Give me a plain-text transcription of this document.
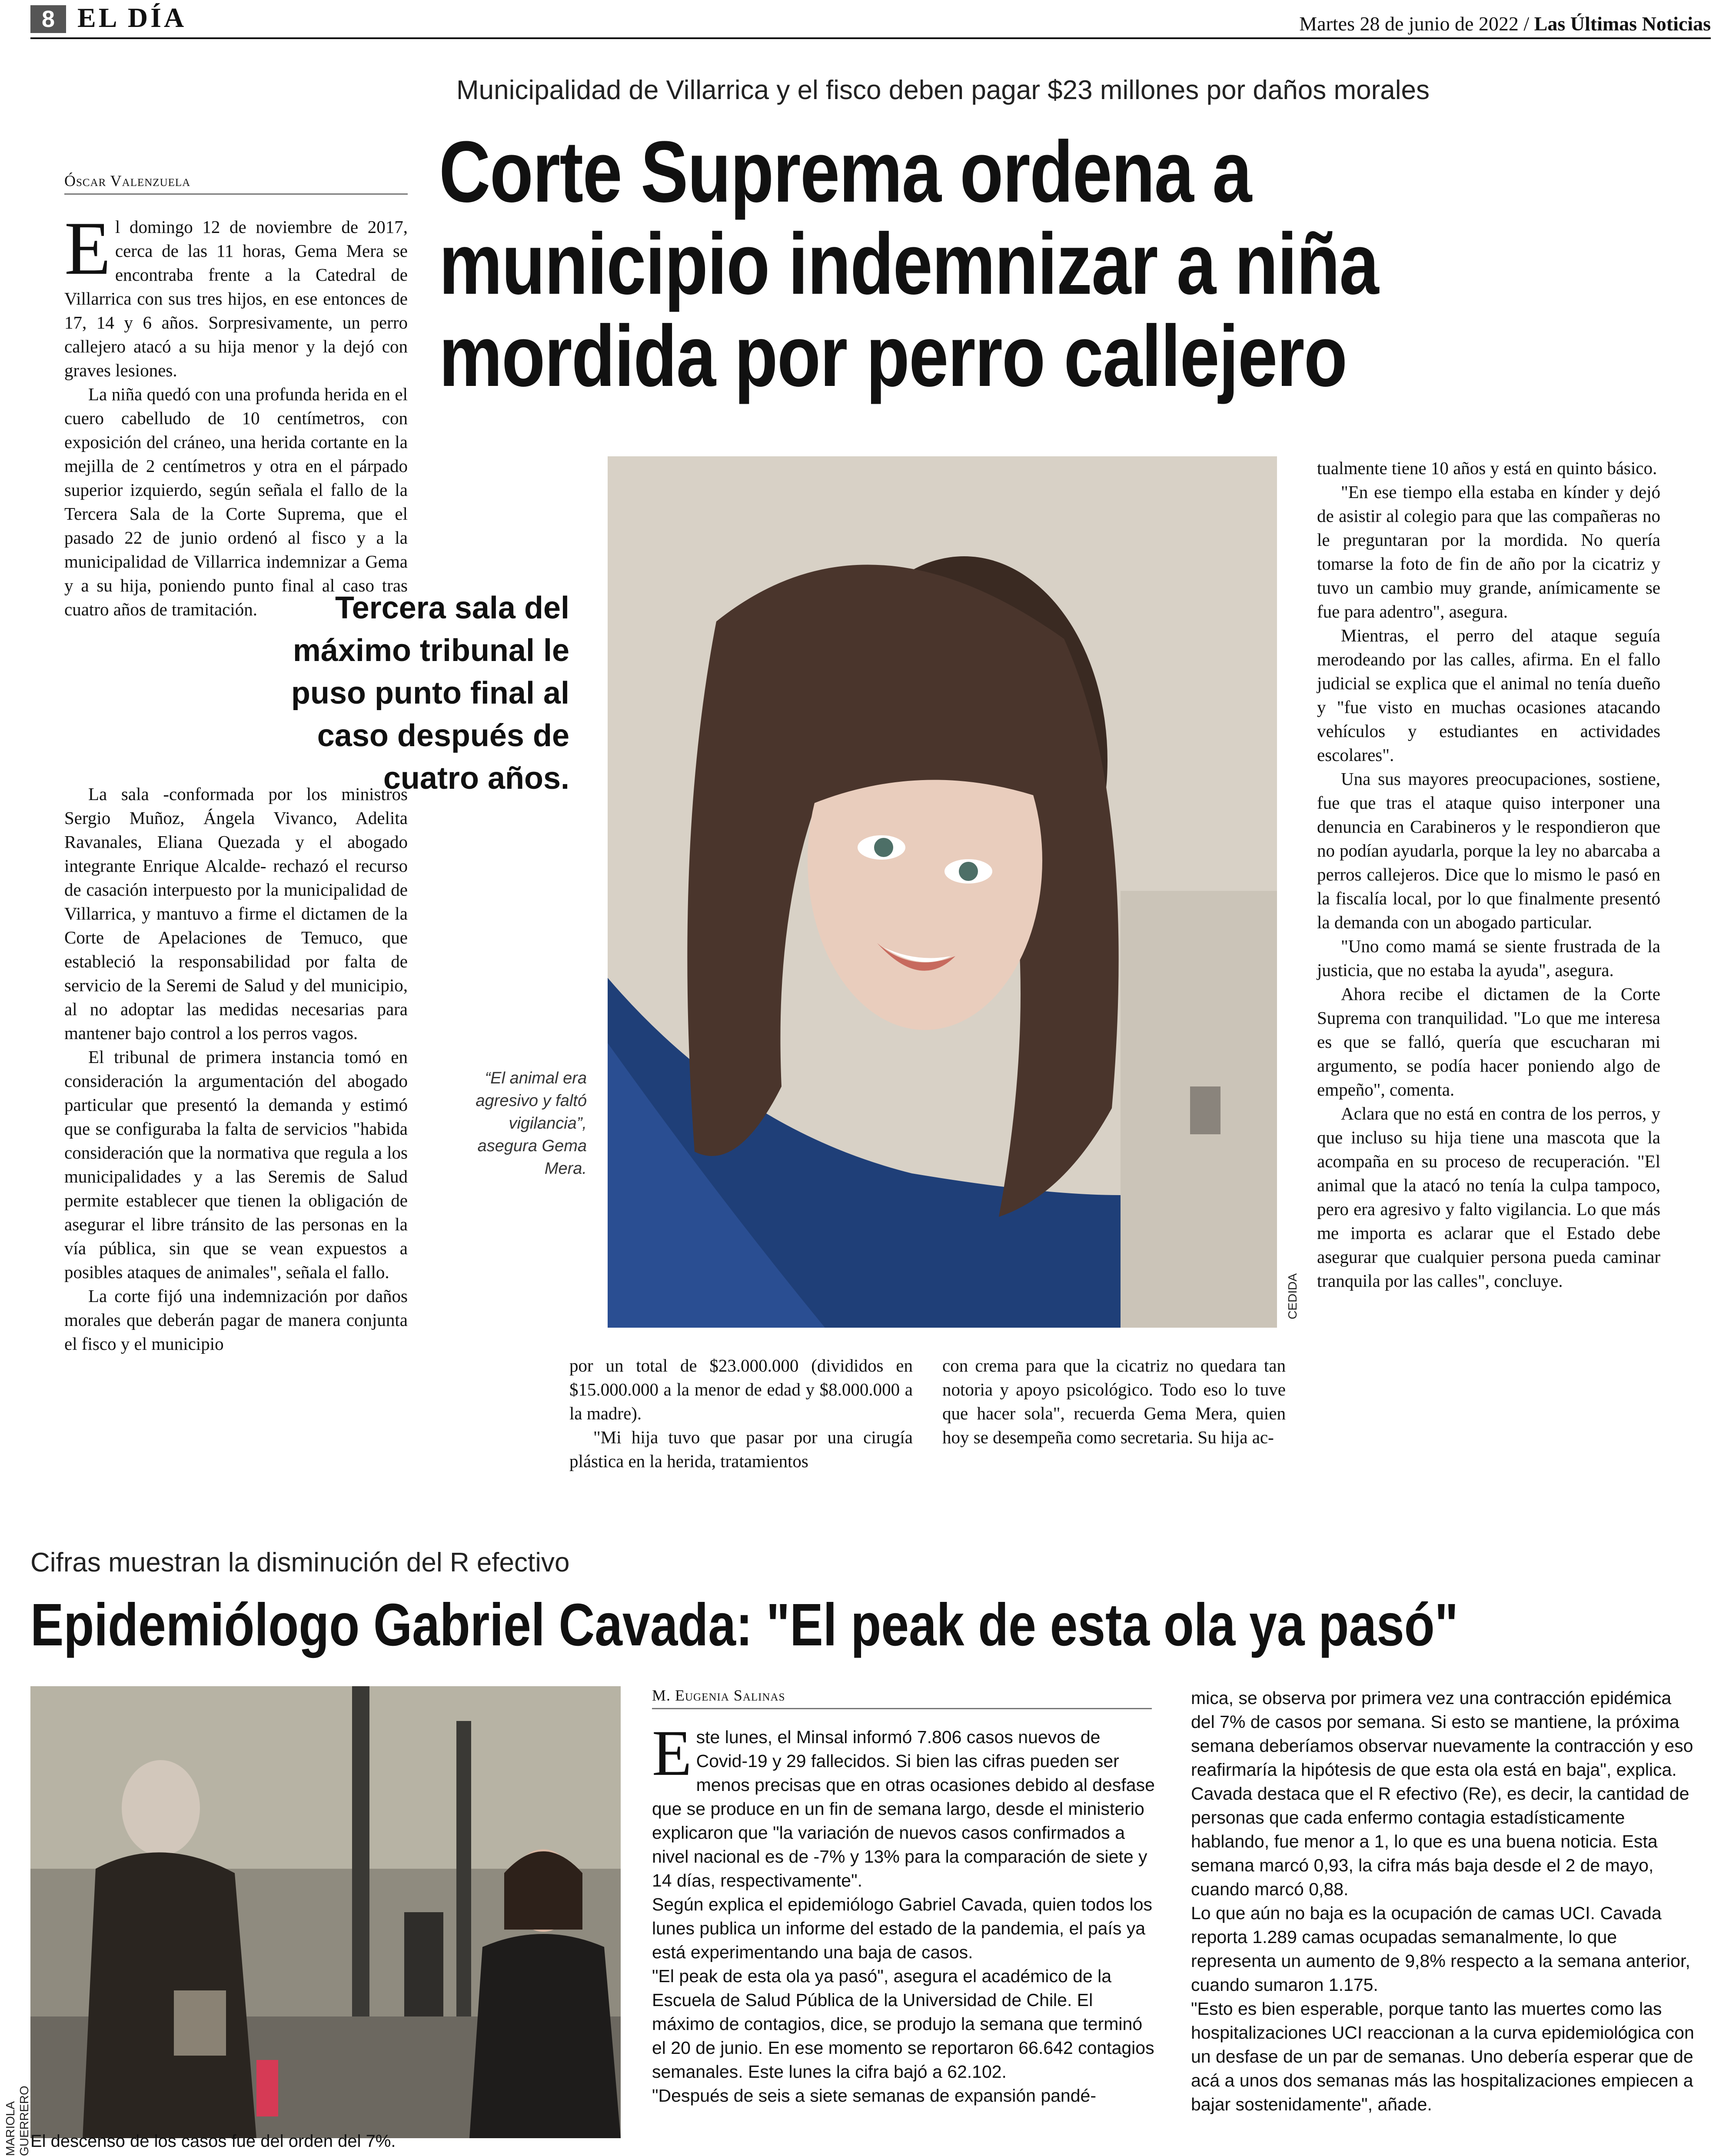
8 EL DÍA	Martes 28 de junio de 2022 / Las Últimas Noticias
Municipalidad de Villarrica y el fisco deben pagar $23 millones por daños morales
Corte Suprema ordena a
municipio indemnizar a niña
mordida por perro callejero
Óscar Valenzuela

El domingo 12 de noviembre de 2017, cerca de las 11 horas, Gema Mera se encontraba frente a la Catedral de Villarrica con sus tres hijos, en ese entonces de 17, 14 y 6 años. Sorpresivamente, un perro callejero atacó a su hija menor y la dejó con graves lesiones.

La niña quedó con una profunda herida en el cuero cabelludo de 10 centímetros, con exposición del cráneo, una herida cortante en la mejilla de 2 centímetros y otra en el párpado superior izquierdo, según señala el fallo de la Tercera Sala de la Corte Suprema, que el pasado 22 de junio ordenó al fisco y a la municipalidad de Villarrica indemnizar a Gema y a su hija, poniendo punto final al caso tras cuatro años de tramitación.	Tercera sala del máximo tribunal le puso punto final al caso después de cuatro años.

La sala -conformada por los ministros Sergio Muñoz, Ángela Vivanco, Adelita Ravanales, Eliana Quezada y el abogado integrante Enrique Alcalde- rechazó el recurso de casación interpuesto por la municipalidad de Villarrica, y mantuvo a firme el dictamen de la Corte de Apelaciones de Temuco, que estableció la responsabilidad por falta de servicio de la Seremi de Salud y del municipio, al no adoptar las medidas necesarias para mantener bajo control a los perros vagos.

El tribunal de primera instancia tomó en consideración la argumentación del abogado particular que presentó la demanda y estimó que se configuraba la falta de servicios "habida consideración que la normativa que regula a los municipalidades y a las Seremis de Salud permite establecer que tienen la obligación de asegurar el libre tránsito de las personas en la vía pública, sin que se vean expuestos a posibles ataques de animales", señala el fallo.

La corte fijó una indemnización por daños morales que deberán pagar de manera conjunta el fisco y el municipio

CEDIDA
“El animal era agresivo y faltó vigilancia”, asegura Gema Mera.

por un total de $23.000.000 (divididos en $15.000.000 a la menor de edad y $8.000.000 a la madre).

"Mi hija tuvo que pasar por una cirugía plástica en la herida, tratamientos

con crema para que la cicatriz no quedara tan notoria y apoyo psicológico. Todo eso lo tuve que hacer sola", recuerda Gema Mera, quien hoy se desempeña como secretaria. Su hija ac-

tualmente tiene 10 años y está en quinto básico.

"En ese tiempo ella estaba en kínder y dejó de asistir al colegio para que las compañeras no le preguntaran por la mordida. No quería tomarse la foto de fin de año por la cicatriz y tuvo un cambio muy grande, anímicamente se fue para adentro", asegura.

Mientras, el perro del ataque seguía merodeando por las calles, afirma. En el fallo judicial se explica que el animal no tenía dueño y "fue visto en muchas ocasiones atacando vehículos y estudiantes en actividades escolares".

Una sus mayores preocupaciones, sostiene, fue que tras el ataque quiso interponer una denuncia en Carabineros y le respondieron que no podían ayudarla, porque la ley no abarcaba a perros callejeros. Dice que lo mismo le pasó en la fiscalía local, por lo que finalmente presentó la demanda con un abogado particular.

"Uno como mamá se siente frustrada de la justicia, que no estaba la ayuda", asegura.

Ahora recibe el dictamen de la Corte Suprema con tranquilidad. "Lo que me interesa es que se falló, quería que escucharan mi argumento, se podía hacer poniendo algo de empeño", comenta.

Aclara que no está en contra de los perros, y que incluso su hija tiene una mascota que la acompaña en su proceso de recuperación. "El animal que la atacó no tenía la culpa tampoco, pero era agresivo y falto vigilancia. Lo que más me importa es aclarar que el Estado debe asegurar que cualquier persona pueda caminar tranquila por las calles", concluye.

Cifras muestran la disminución del R efectivo
Epidemiólogo Gabriel Cavada: "El peak de esta ola ya pasó"
MARIOLA GUERRERO El descenso de los casos fue del orden del 7%.
M. Eugenia Salinas

Este lunes, el Minsal informó 7.806 casos nuevos de Covid-19 y 29 fallecidos. Si bien las cifras pueden ser menos precisas que en otras ocasiones debido al desfase que se produce en un fin de semana largo, desde el ministerio explicaron que "la variación de nuevos casos confirmados a nivel nacional es de -7% y 13% para la comparación de siete y 14 días, respectivamente".

Según explica el epidemiólogo Gabriel Cavada, quien todos los lunes publica un informe del estado de la pandemia, el país ya está experimentando una baja de casos.

"El peak de esta ola ya pasó", asegura el académico de la Escuela de Salud Pública de la Universidad de Chile. El máximo de contagios, dice, se produjo la semana que terminó el 20 de junio. En ese momento se reportaron 66.642 contagios semanales. Este lunes la cifra bajó a 62.102.

"Después de seis a siete semanas de expansión pandé-

mica, se observa por primera vez una contracción epidémica del 7% de casos por semana. Si esto se mantiene, la próxima semana deberíamos observar nuevamente la contracción y eso reafirmaría la hipótesis de que esta ola está en baja", explica.

Cavada destaca que el R efectivo (Re), es decir, la cantidad de personas que cada enfermo contagia estadísticamente hablando, fue menor a 1, lo que es una buena noticia. Esta semana marcó 0,93, la cifra más baja desde el 2 de mayo, cuando marcó 0,88.

Lo que aún no baja es la ocupación de camas UCI. Cavada reporta 1.289 camas ocupadas semanalmente, lo que representa un aumento de 9,8% respecto a la semana anterior, cuando sumaron 1.175.

"Esto es bien esperable, porque tanto las muertes como las hospitalizaciones UCI reaccionan a la curva epidemiológica con un desfase de un par de semanas. Uno debería esperar que de acá a unos dos semanas más las hospitalizaciones empiecen a bajar sostenidamente", añade.
